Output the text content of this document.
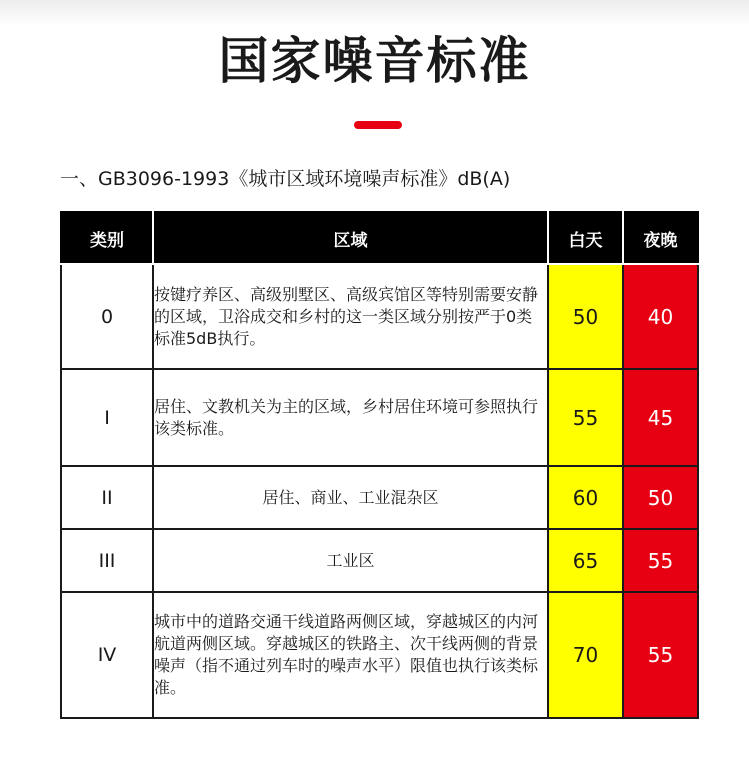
国家噪音标准
一、GB3096-1993《城市区域环境噪声标准》dB(A)
类别	区域	白天	夜晚
0	按键疗养区、高级别墅区、高级宾馆区等特别需要安静的区域，卫浴成交和乡村的这一类区域分别按严于0类标准5dB执行。	50	40
I	居住、文教机关为主的区域，乡村居住环境可参照执行该类标准。	55	45
II	居住、商业、工业混杂区	60	50
III	工业区	65	55
IV	城市中的道路交通干线道路两侧区域，穿越城区的内河航道两侧区域。穿越城区的铁路主、次干线两侧的背景噪声（指不通过列车时的噪声水平）限值也执行该类标准。	70	55
